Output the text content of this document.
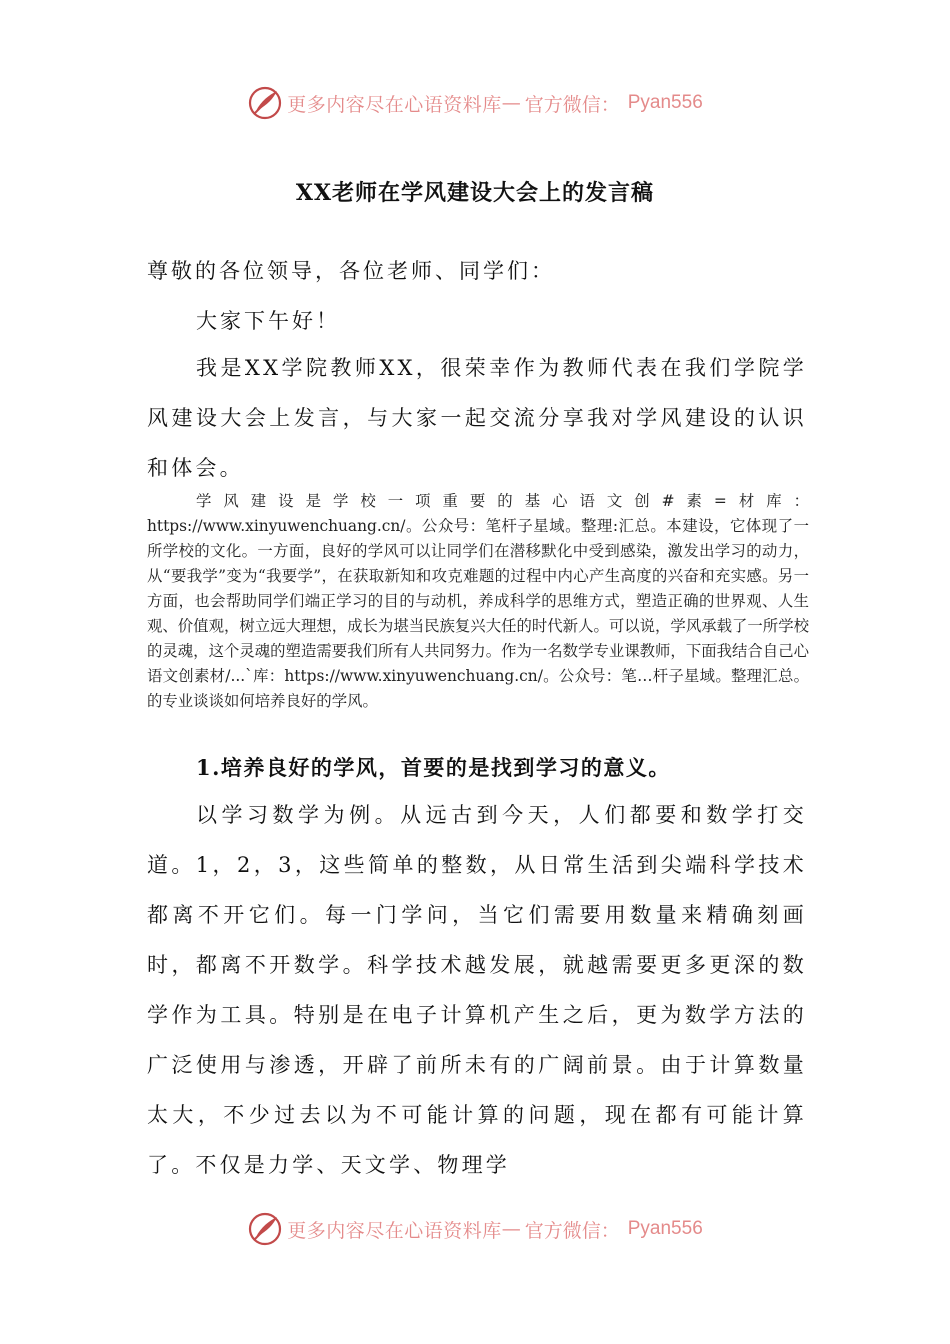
更多内容尽在心语资料库 — 官方微信： Pyan556
XX老师在学风建设大会上的发言稿
尊敬的各位领导，各位老师、同学们：
大家下午好！

我是XX学院教师XX，很荣幸作为教师代表在我们学院学风建设大会上发言，与大家一起交流分享我对学风建设的认识和体会。

学风建设是学校一项重要的基心语文创#素=材库：https://www.xinyuwenchuang.cn/。公众号：笔杆子星域。整理:汇总。本建设，它体现了一所学校的文化。一方面，良好的学风可以让同学们在潜移默化中受到感染，激发出学习的动力，从“要我学”变为“我要学”，在获取新知和攻克难题的过程中内心产生高度的兴奋和充实感。另一方面，也会帮助同学们端正学习的目的与动机，养成科学的思维方式，塑造正确的世界观、人生观、价值观，树立远大理想，成长为堪当民族复兴大任的时代新人。可以说，学风承载了一所学校的灵魂，这个灵魂的塑造需要我们所有人共同努力。作为一名数学专业课教师，下面我结合自己心语文创素材/...`库：https://www.xinyuwenchuang.cn/。公众号：笔…杆子星域。整理汇总。的专业谈谈如何培养良好的学风。

1.培养良好的学风，首要的是找到学习的意义。

以学习数学为例。从远古到今天，人们都要和数学打交道。1，2，3，这些简单的整数，从日常生活到尖端科学技术都离不开它们。每一门学问，当它们需要用数量来精确刻画时，都离不开数学。科学技术越发展，就越需要更多更深的数学作为工具。特别是在电子计算机产生之后，更为数学方法的广泛使用与渗透，开辟了前所未有的广阔前景。由于计算数量太大，不少过去以为不可能计算的问题，现在都有可能计算了。不仅是力学、天文学、物理学

更多内容尽在心语资料库 — 官方微信： Pyan556
